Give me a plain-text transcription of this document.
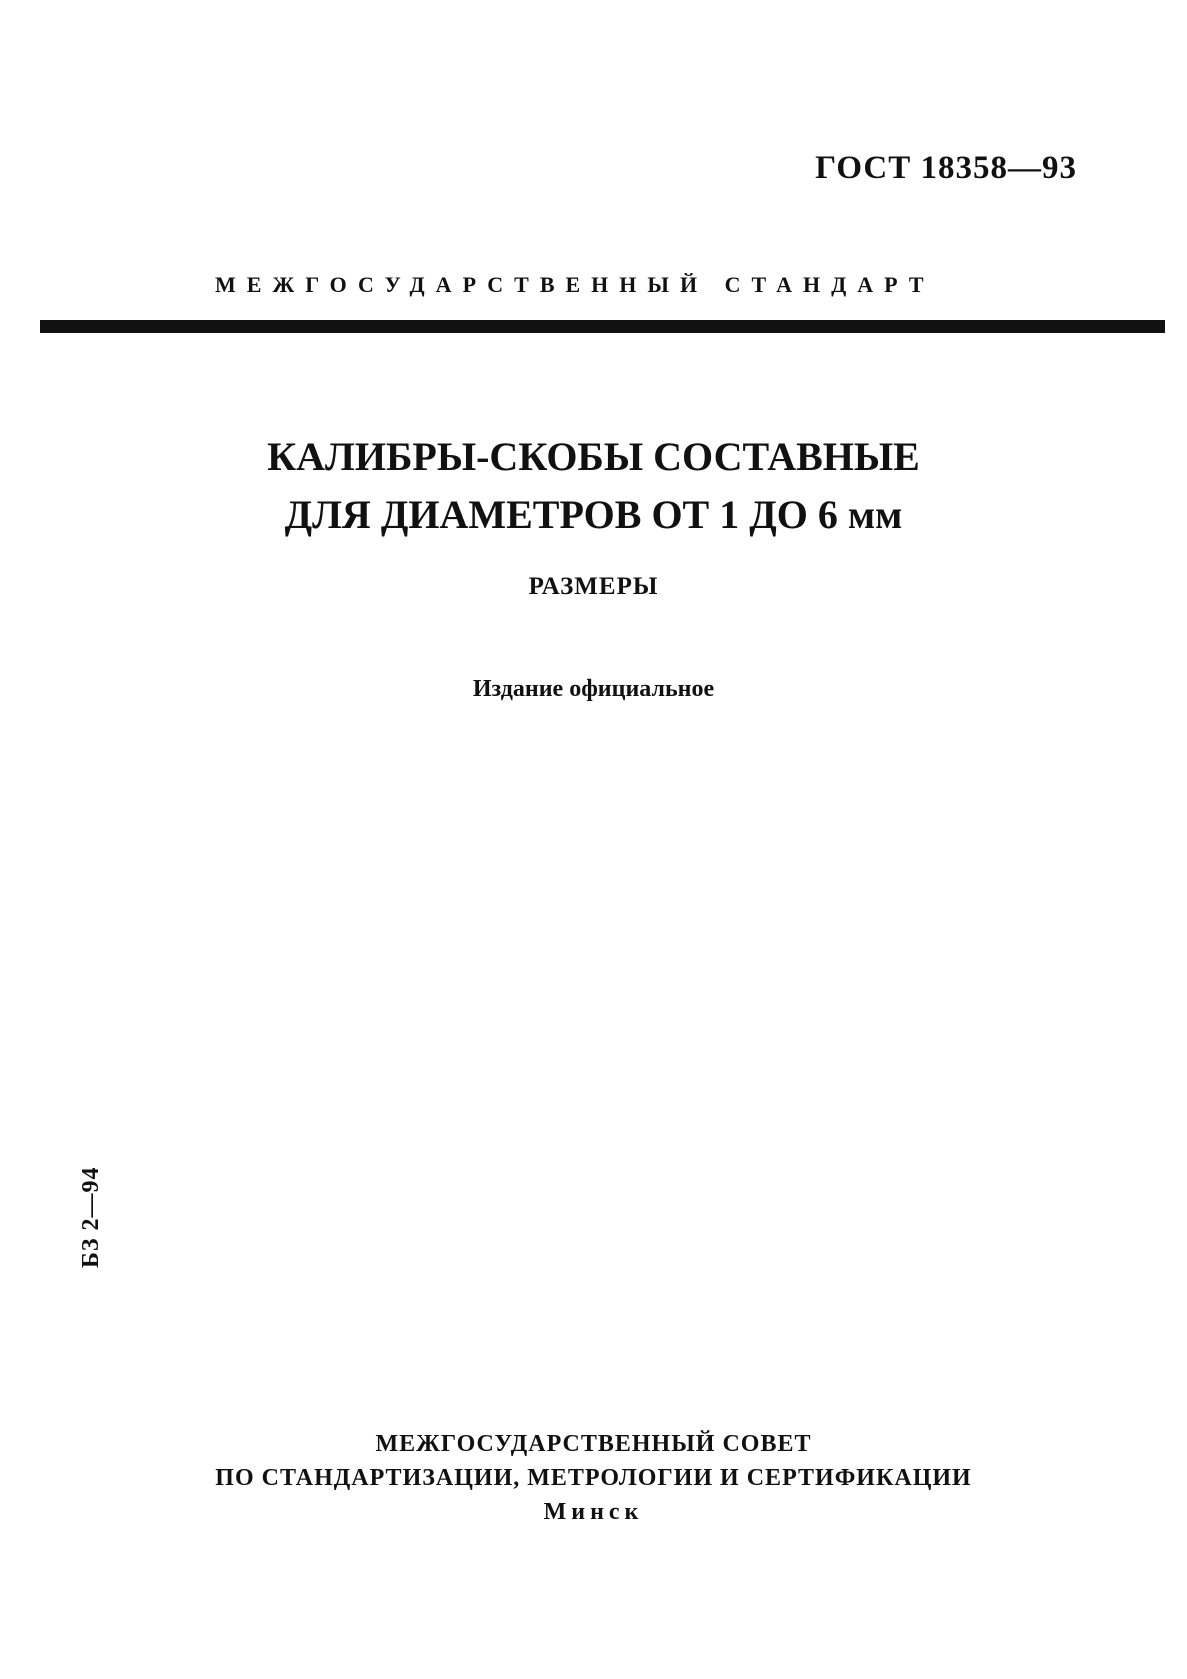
ГОСТ 18358—93
МЕЖГОСУДАРСТВЕННЫЙ СТАНДАРТ
КАЛИБРЫ-СКОБЫ СОСТАВНЫЕ
ДЛЯ ДИАМЕТРОВ ОТ 1 ДО 6 мм
РАЗМЕРЫ
Издание официальное
БЗ 2—94
МЕЖГОСУДАРСТВЕННЫЙ СОВЕТ
ПО СТАНДАРТИЗАЦИИ, МЕТРОЛОГИИ И СЕРТИФИКАЦИИ
Минск
